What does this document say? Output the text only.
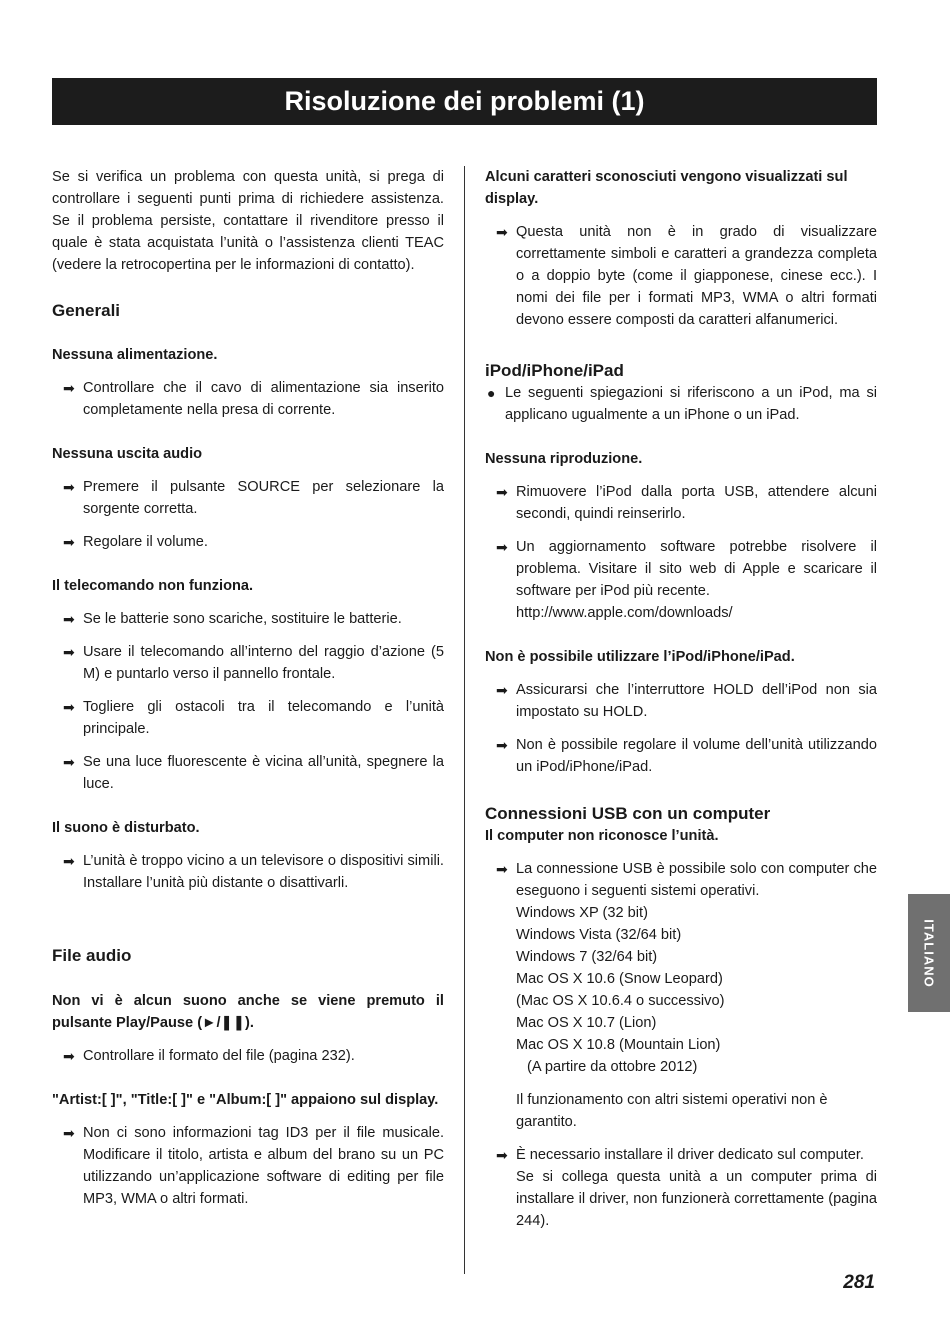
Risoluzione dei problemi (1)

Se si verifica un problema con questa unità, si prega di controllare i seguenti punti prima di richiedere assistenza. Se il problema persiste, contattare il rivenditore presso il quale è stata acquistata l’unità o l’assistenza clienti TEAC (vedere la retrocopertina per le informazioni di contatto).

Generali
Nessuna alimentazione.
➡ Controllare che il cavo di alimentazione sia inserito completamente nella presa di corrente.
Nessuna uscita audio
➡ Premere il pulsante SOURCE per selezionare la sorgente corretta.
➡ Regolare il volume.
Il telecomando non funziona.
➡ Se le batterie sono scariche, sostituire le batterie.
➡ Usare il telecomando all’interno del raggio d’azione (5 M) e puntarlo verso il pannello frontale.
➡ Togliere gli ostacoli tra il telecomando e l’unità principale.
➡ Se una luce fluorescente è vicina all’unità, spegnere la luce.
Il suono è disturbato.
➡ L’unità è troppo vicino a un televisore o dispositivi simili. Installare l’unità più distante o disattivarli.
File audio
Non vi è alcun suono anche se viene premuto il pulsante Play/Pause (►/❚❚).
➡ Controllare il formato del file (pagina 232).
"Artist:[ ]", "Title:[ ]" e "Album:[ ]" appaiono sul display.
➡ Non ci sono informazioni tag ID3 per il file musicale. Modificare il titolo, artista e album del brano su un PC utilizzando un’applicazione software di editing per file MP3, WMA o altri formati.
Alcuni caratteri sconosciuti vengono visualizzati sul display.
➡ Questa unità non è in grado di visualizzare correttamente simboli e caratteri a grandezza completa o a doppio byte (come il giapponese, cinese ecc.). I nomi dei file per i formati MP3, WMA o altri formati devono essere composti da caratteri alfanumerici.
iPod/iPhone/iPad
● Le seguenti spiegazioni si riferiscono a un iPod, ma si applicano ugualmente a un iPhone o un iPad.
Nessuna riproduzione.
➡ Rimuovere l’iPod dalla porta USB, attendere alcuni secondi, quindi reinserirlo.
➡ Un aggiornamento software potrebbe risolvere il problema. Visitare il sito web di Apple e scaricare il software per iPod più recente.
http://www.apple.com/downloads/
Non è possibile utilizzare l’iPod/iPhone/iPad.
➡ Assicurarsi che l’interruttore HOLD dell’iPod non sia impostato su HOLD.
➡ Non è possibile regolare il volume dell’unità utilizzando un iPod/iPhone/iPad.
Connessioni USB con un computer
Il computer non riconosce l’unità.
➡ La connessione USB è possibile solo con computer che eseguono i seguenti sistemi operativi.
Windows XP (32 bit)
Windows Vista (32/64 bit)
Windows 7 (32/64 bit)
Mac OS X 10.6 (Snow Leopard)
(Mac OS X 10.6.4 o successivo)
Mac OS X 10.7 (Lion)
Mac OS X 10.8 (Mountain Lion)
(A partire da ottobre 2012)
Il funzionamento con altri sistemi operativi non è garantito.
➡ È necessario installare il driver dedicato sul computer.
Se si collega questa unità a un computer prima di installare il driver, non funzionerà correttamente (pagina 244).
ITALIANO
281
